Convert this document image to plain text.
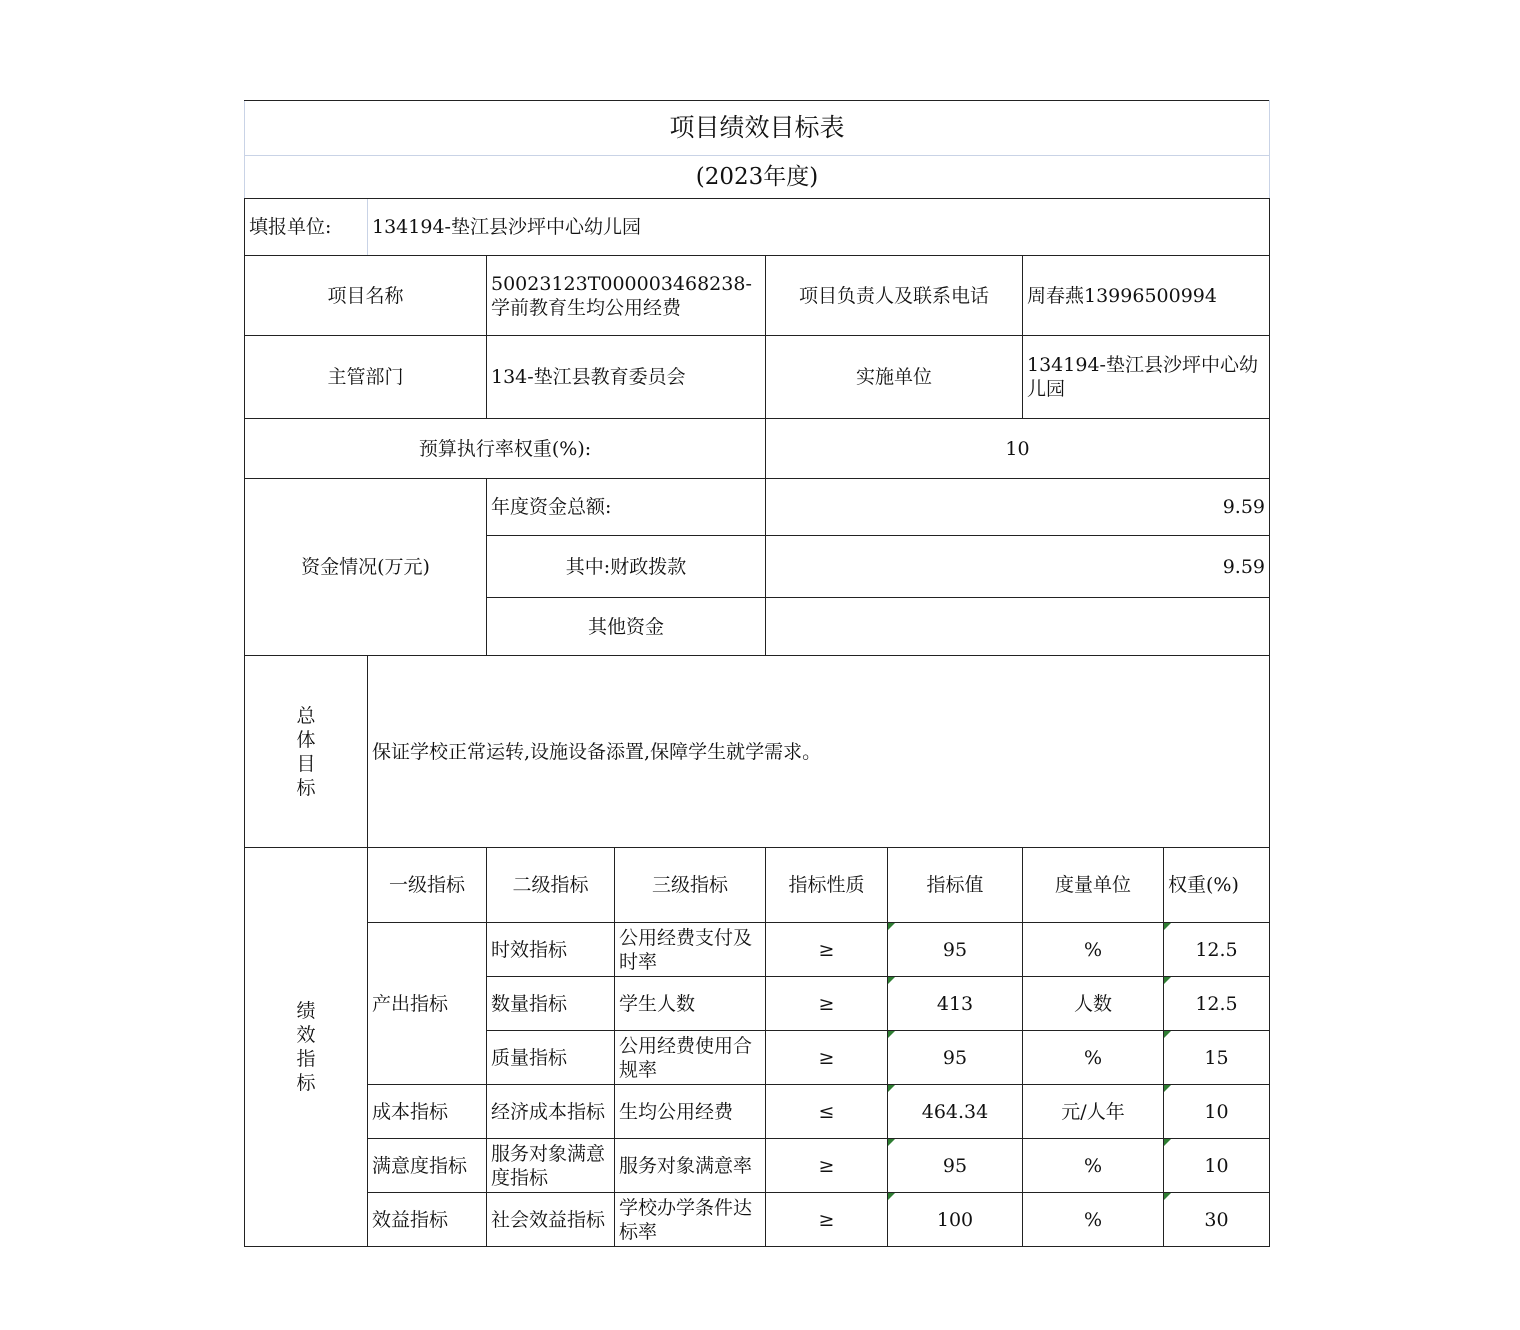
项目绩效目标表							
(2023年度)							
填报单位:	134194-垫江县沙坪中心幼儿园						
项目名称		50023123T000003468238-学前教育生均公用经费		项目负责人及联系电话		周春燕13996500994	
主管部门		134-垫江县教育委员会		实施单位		134194-垫江县沙坪中心幼儿园	
预算执行率权重(%):				10			
资金情况(万元)		年度资金总额:		9.59			
		其中:财政拨款		9.59			
		其他资金					

总体目标	保证学校正常运转,设施设备添置,保障学生就学需求。						

绩效指标	一级指标	二级指标	三级指标	指标性质	指标值	度量单位	权重(%)
	产出指标	时效指标	公用经费支付及时率	≥	95	%	12.5
		数量指标	学生人数	≥	413	人数	12.5
		质量指标	公用经费使用合规率	≥	95	%	15
	成本指标	经济成本指标	生均公用经费	≤	464.34	元/人年	10
	满意度指标	服务对象满意度指标	服务对象满意率	≥	95	%	10
	效益指标	社会效益指标	学校办学条件达标率	≥	100	%	30
